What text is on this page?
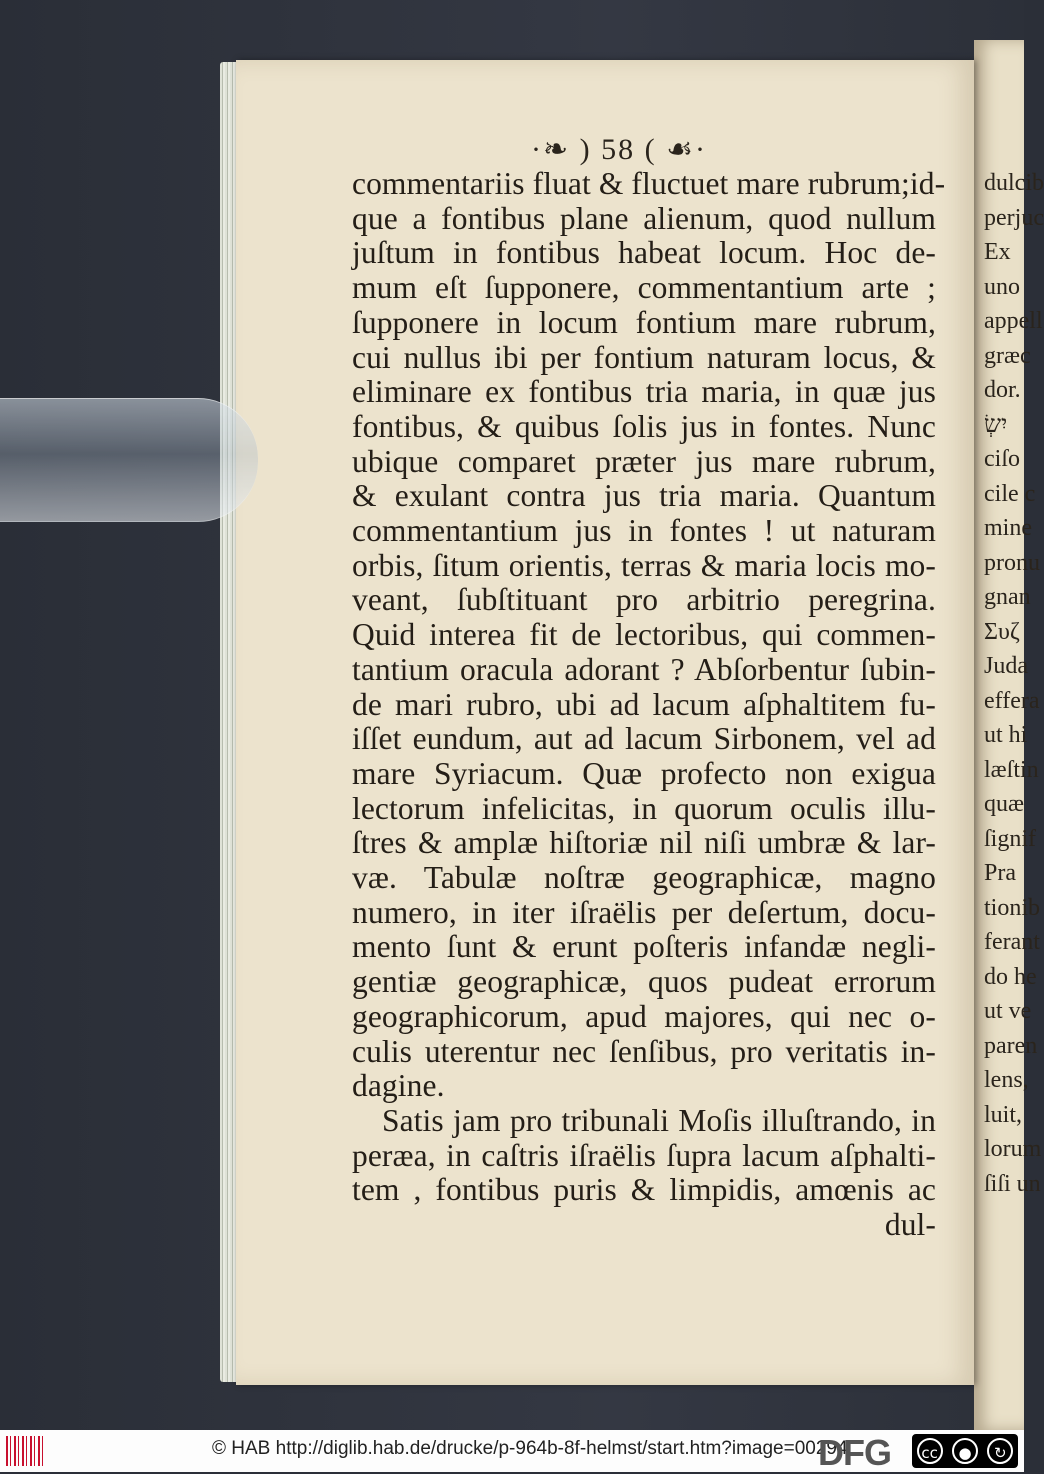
dulcib
perjuc
Ex
uno
appell
græc
dor.
יִשְׂ
ciſo
cile c
mine
pronu
gnan
Συζ
Juda
effera
ut hi
læſtin
quæ
ſignif
Pra
tionib
ferant
do he
ut ve
paren
lens,
luit,
lorum
ſiſi un
·❧ ) 58 ( ☙·
commentariis fluat & fluctuet mare rubrum;id-
que a fontibus plane alienum, quod nullum
juſtum in fontibus habeat locum. Hoc de-
mum eſt ſupponere, commentantium arte ;
ſupponere in locum fontium mare rubrum,
cui nullus ibi per fontium naturam locus, &
eliminare ex fontibus tria maria, in quæ jus
fontibus, & quibus ſolis jus in fontes. Nunc
ubique comparet præter jus mare rubrum,
& exulant contra jus tria maria. Quantum
commentantium jus in fontes ! ut naturam
orbis, ſitum orientis, terras & maria locis mo-
veant, ſubſtituant pro arbitrio peregrina.
Quid interea fit de lectoribus, qui commen-
tantium oracula adorant ? Abſorbentur ſubin-
de mari rubro, ubi ad lacum aſphaltitem fu-
iſſet eundum, aut ad lacum Sirbonem, vel ad
mare Syriacum. Quæ profecto non exigua
lectorum infelicitas, in quorum oculis illu-
ſtres & amplæ hiſtoriæ nil niſi umbræ & lar-
væ. Tabulæ noſtræ geographicæ, magno
numero, in iter iſraëlis per deſertum, docu-
mento ſunt & erunt poſteris infandæ negli-
gentiæ geographicæ, quos pudeat errorum
geographicorum, apud majores, qui nec o-
culis uterentur nec ſenſibus, pro veritatis in-
dagine.
Satis jam pro tribunali Moſis illuſtrando, in
peræa, in caſtris iſraëlis ſupra lacum aſphalti-
tem , fontibus puris & limpidis, amœnis ac
dul-
© HAB http://diglib.hab.de/drucke/p-964b-8f-helmst/start.htm?image=00294
DFG	cc	●	↻
